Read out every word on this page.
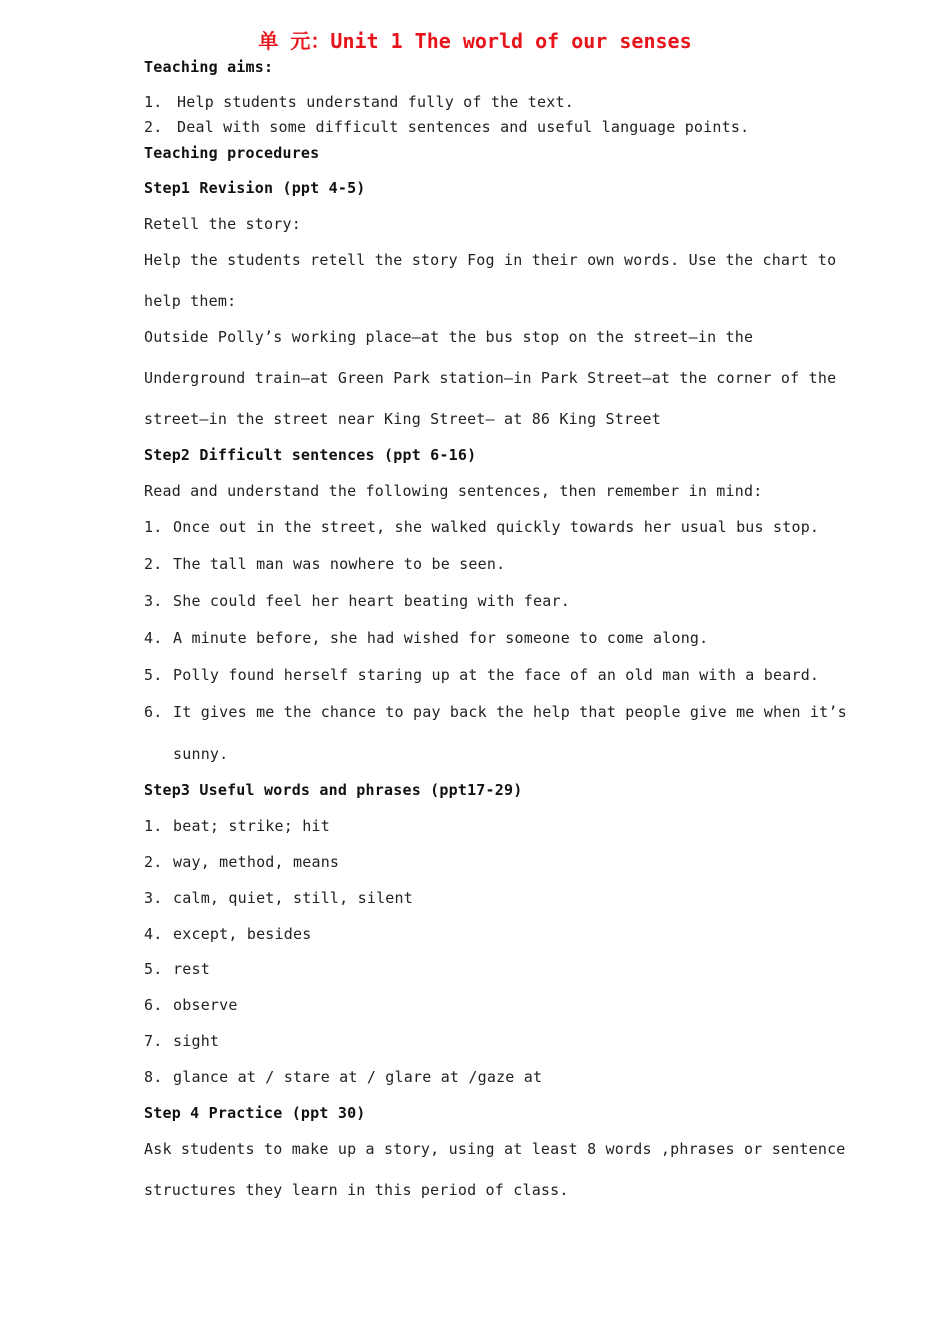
单 元：Unit 1 The world of our senses
Teaching aims:
1. Help students understand fully of the text.
2. Deal with some difficult sentences and useful language points.
Teaching procedures
Step1 Revision (ppt 4-5)
Retell the story:
Help the students retell the story Fog in their own words. Use the chart to
help them:
Outside Polly’s working place—at the bus stop on the street—in the
Underground train—at Green Park station—in Park Street—at the corner of the
street—in the street near King Street— at 86 King Street
Step2 Difficult sentences (ppt 6-16)
Read and understand the following sentences, then remember in mind:
1. Once out in the street, she walked quickly towards her usual bus stop.
2. The tall man was nowhere to be seen.
3. She could feel her heart beating with fear.
4. A minute before, she had wished for someone to come along.
5. Polly found herself staring up at the face of an old man with a beard.
6. It gives me the chance to pay back the help that people give me when it’s
sunny.
Step3 Useful words and phrases (ppt17-29)
1. beat; strike; hit
2. way, method, means
3. calm, quiet, still, silent
4. except, besides
5. rest
6. observe
7. sight
8. glance at / stare at / glare at /gaze at
Step 4 Practice (ppt 30)
Ask students to make up a story, using at least 8 words ,phrases or sentence
structures they learn in this period of class.
